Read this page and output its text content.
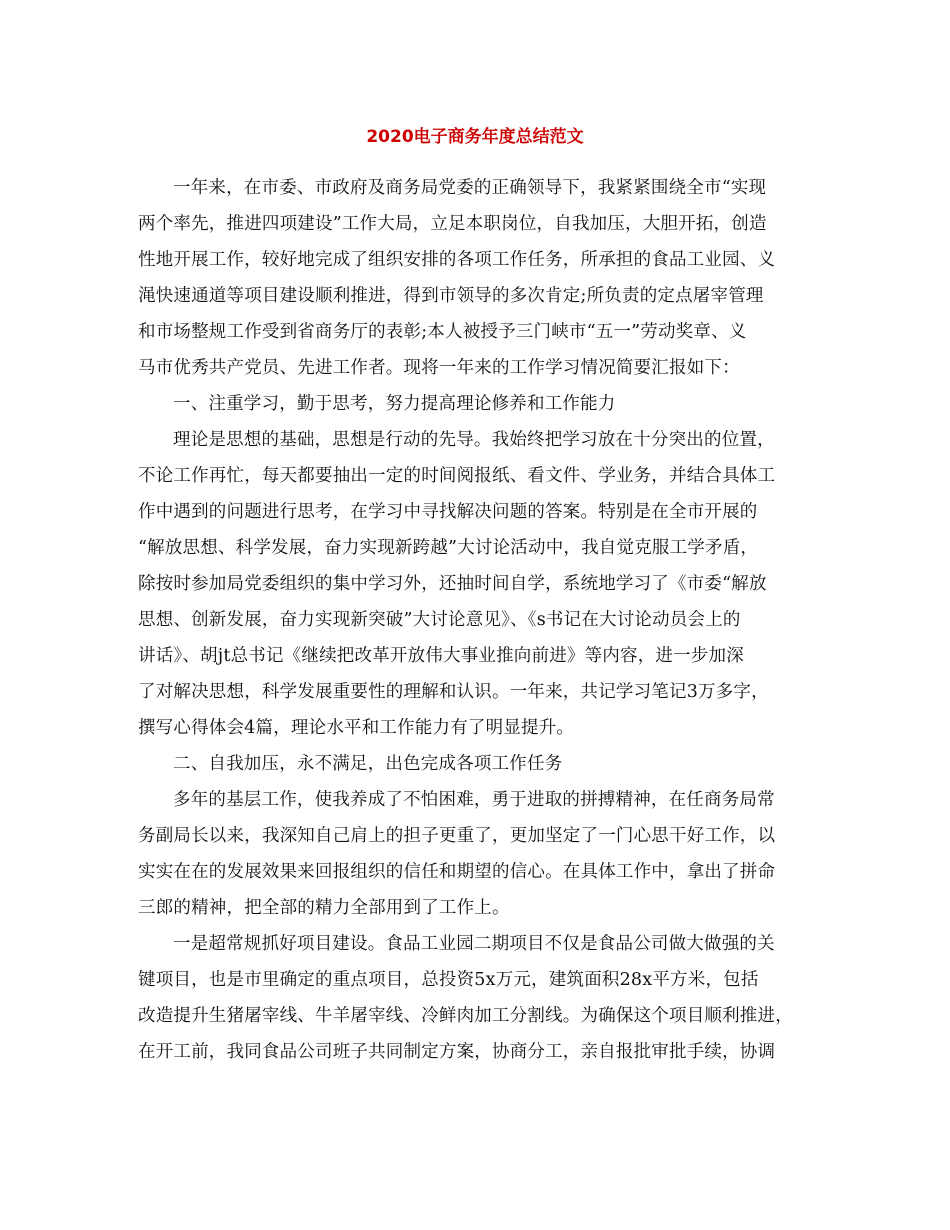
2020电子商务年度总结范文
一年来，在市委、市政府及商务局党委的正确领导下，我紧紧围绕全市“实现
两个率先，推进四项建设”工作大局，立足本职岗位，自我加压，大胆开拓，创造
性地开展工作，较好地完成了组织安排的各项工作任务，所承担的食品工业园、义
渑快速通道等项目建设顺利推进，得到市领导的多次肯定;所负责的定点屠宰管理
和市场整规工作受到省商务厅的表彰;本人被授予三门峡市“五一”劳动奖章、义
马市优秀共产党员、先进工作者。现将一年来的工作学习情况简要汇报如下：
一、注重学习，勤于思考，努力提高理论修养和工作能力
理论是思想的基础，思想是行动的先导。我始终把学习放在十分突出的位置，
不论工作再忙，每天都要抽出一定的时间阅报纸、看文件、学业务，并结合具体工
作中遇到的问题进行思考，在学习中寻找解决问题的答案。特别是在全市开展的
“解放思想、科学发展，奋力实现新跨越”大讨论活动中，我自觉克服工学矛盾，
除按时参加局党委组织的集中学习外，还抽时间自学，系统地学习了《市委“解放
思想、创新发展，奋力实现新突破”大讨论意见》、《s书记在大讨论动员会上的
讲话》、胡jt总书记《继续把改革开放伟大事业推向前进》等内容，进一步加深
了对解决思想，科学发展重要性的理解和认识。一年来，共记学习笔记3万多字，
撰写心得体会4篇，理论水平和工作能力有了明显提升。
二、自我加压，永不满足，出色完成各项工作任务
多年的基层工作，使我养成了不怕困难，勇于进取的拼搏精神，在任商务局常
务副局长以来，我深知自己肩上的担子更重了，更加坚定了一门心思干好工作，以
实实在在的发展效果来回报组织的信任和期望的信心。在具体工作中，拿出了拼命
三郎的精神，把全部的精力全部用到了工作上。
一是超常规抓好项目建设。食品工业园二期项目不仅是食品公司做大做强的关
键项目，也是市里确定的重点项目，总投资5x万元，建筑面积28x平方米，包括
改造提升生猪屠宰线、牛羊屠宰线、冷鲜肉加工分割线。为确保这个项目顺利推进，
在开工前，我同食品公司班子共同制定方案，协商分工，亲自报批审批手续，协调
